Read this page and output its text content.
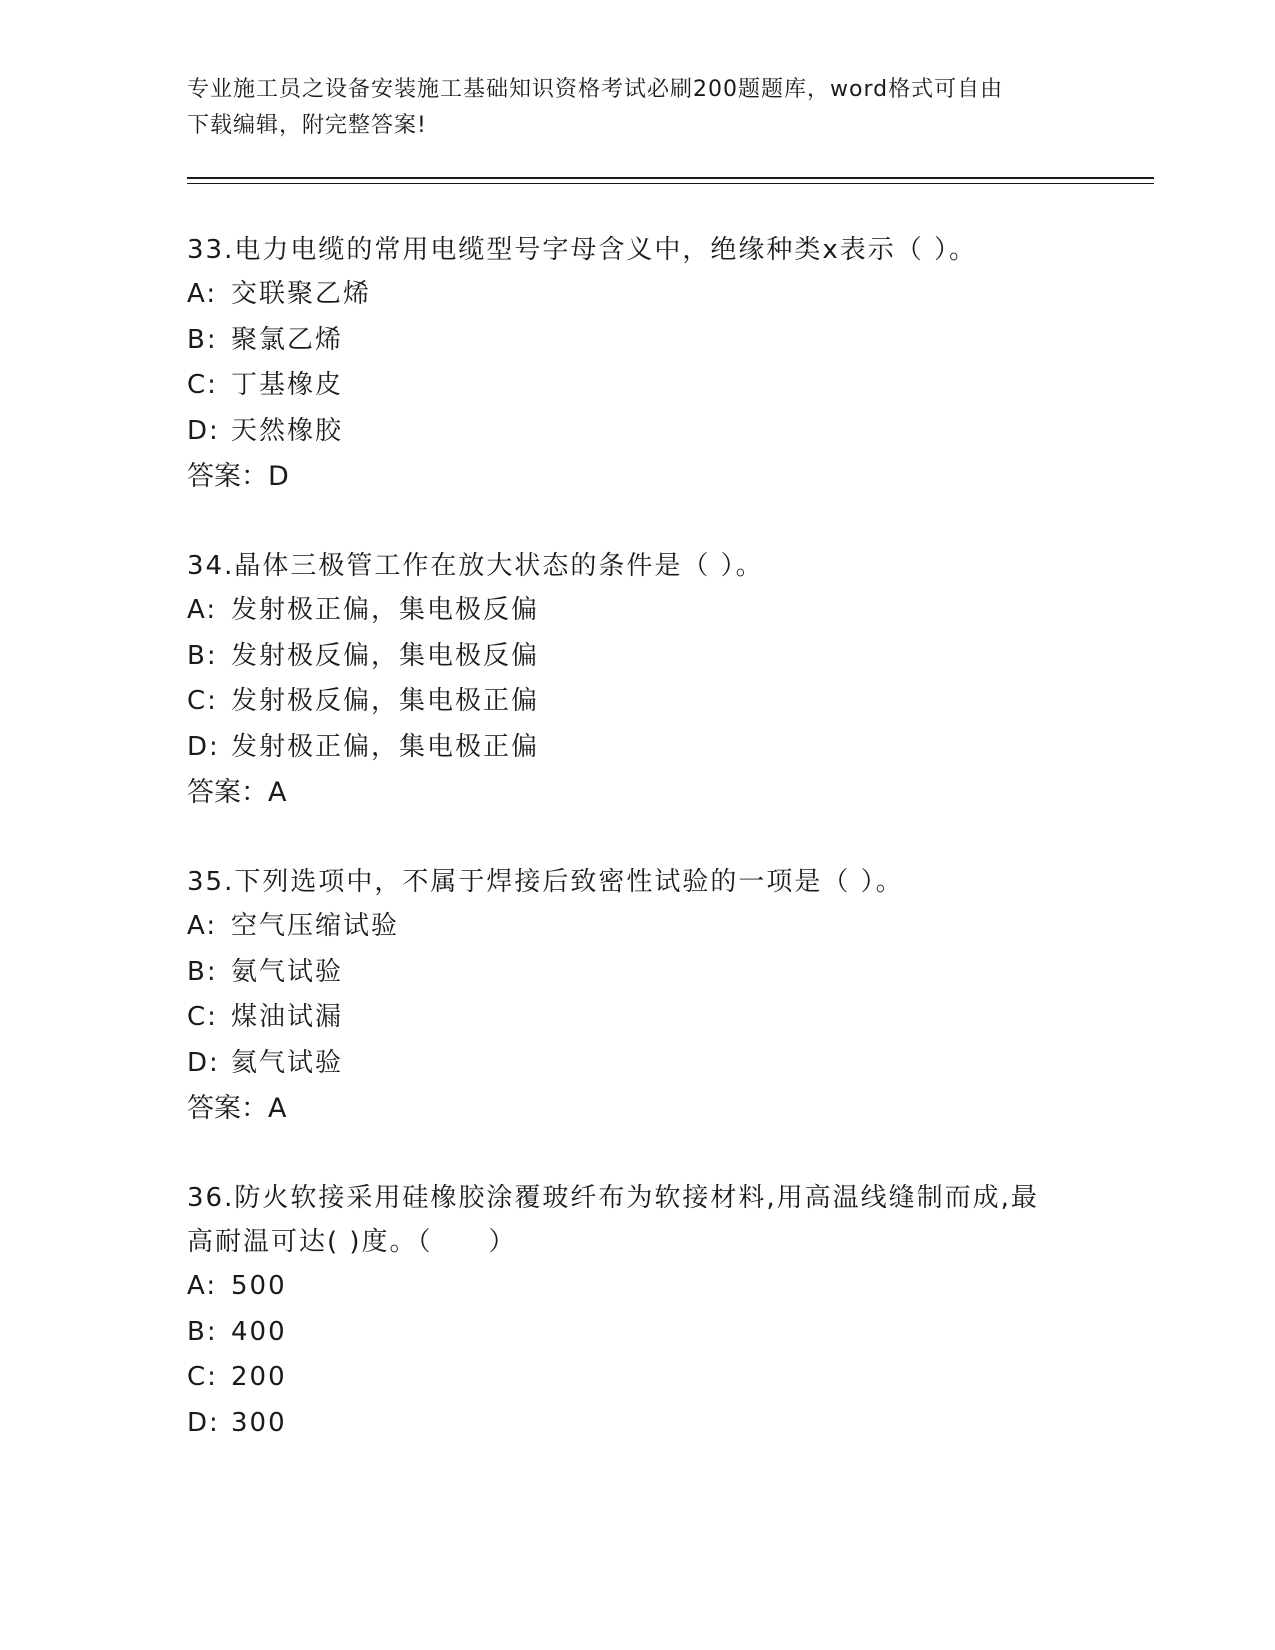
专业施工员之设备安装施工基础知识资格考试必刷200题题库，word格式可自由
下载编辑，附完整答案!

33.电力电缆的常用电缆型号字母含义中，绝缘种类x表示（ ）。

A: 交联聚乙烯

B: 聚氯乙烯

C: 丁基橡皮

D: 天然橡胶

答案：D

34.晶体三极管工作在放大状态的条件是（ ）。

A: 发射极正偏，集电极反偏

B: 发射极反偏，集电极反偏

C: 发射极反偏，集电极正偏

D: 发射极正偏，集电极正偏

答案：A

35.下列选项中，不属于焊接后致密性试验的一项是（ ）。

A: 空气压缩试验

B: 氨气试验

C: 煤油试漏

D: 氦气试验

答案：A

36.防火软接采用硅橡胶涂覆玻纤布为软接材料,用高温线缝制而成,最

高耐温可达( )度。（　　）

A: 500

B: 400

C: 200

D: 300
